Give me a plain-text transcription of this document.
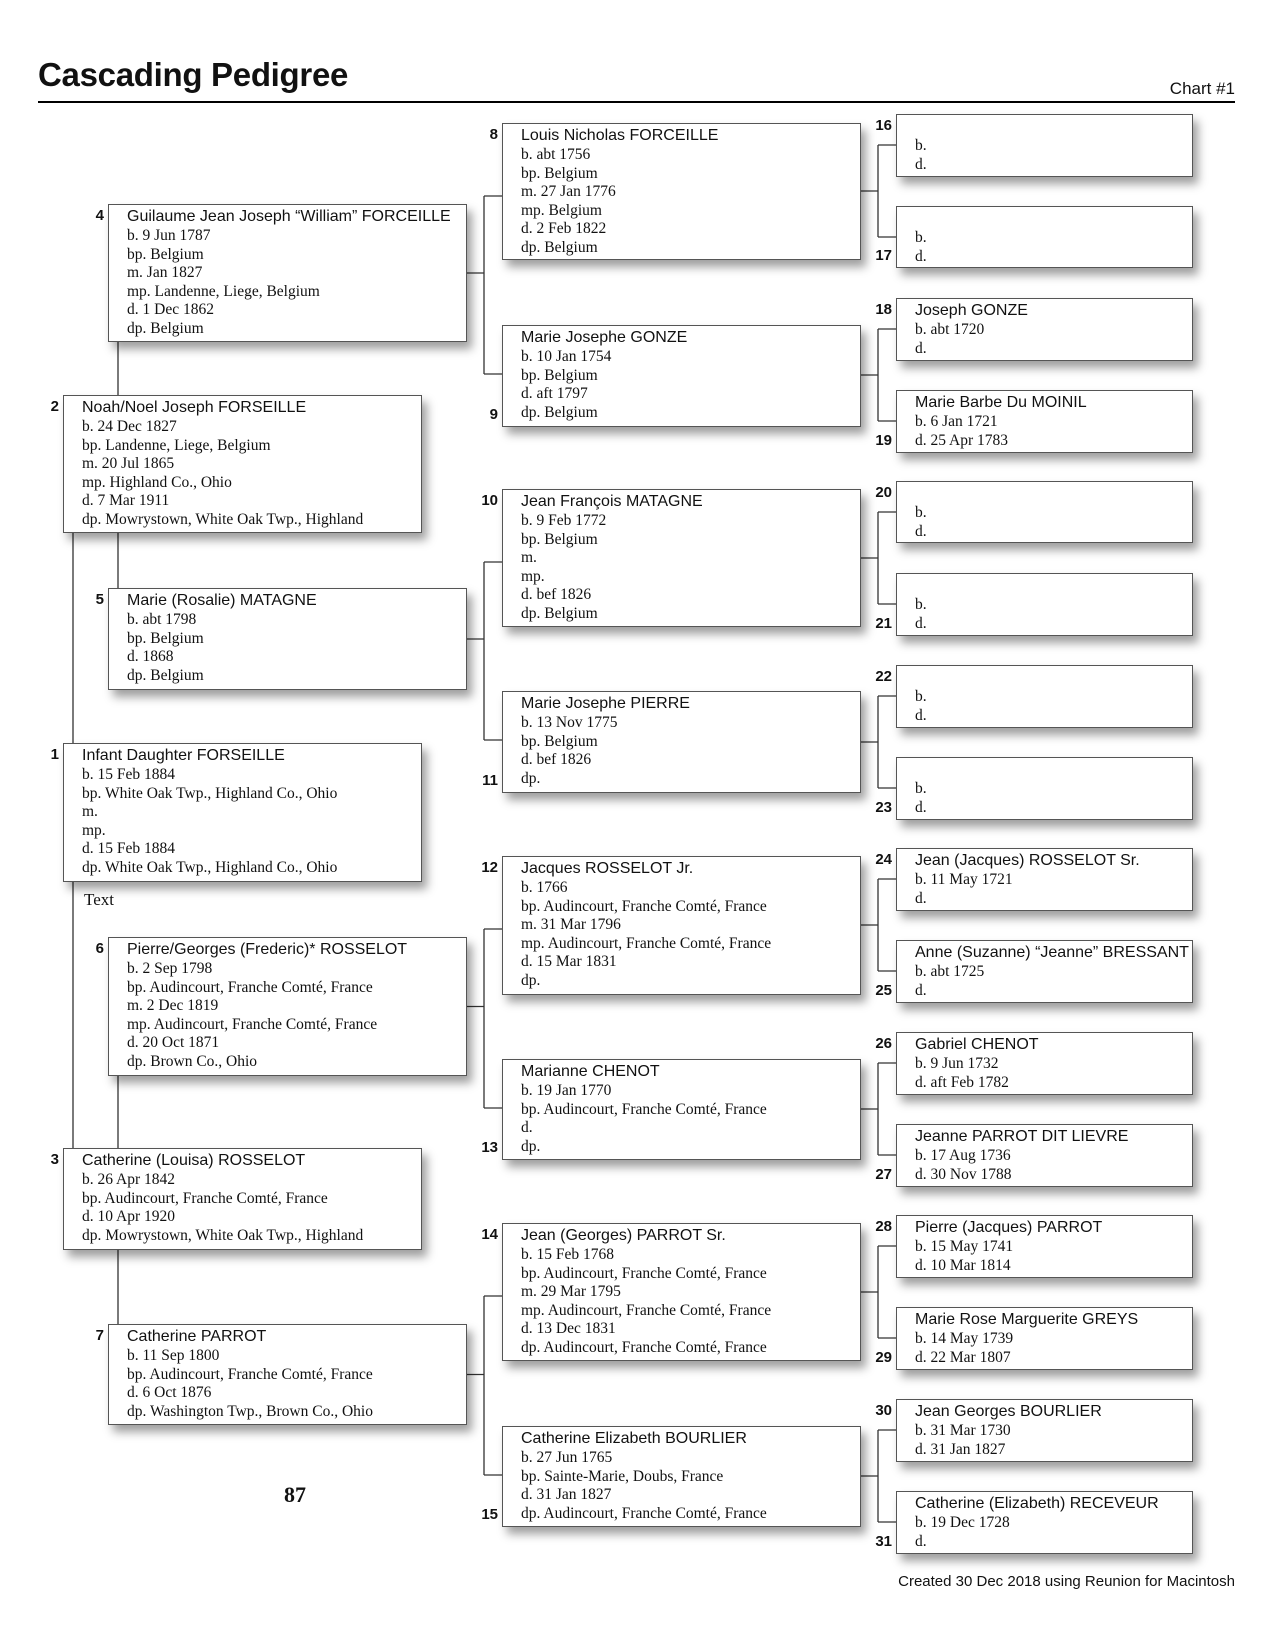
Cascading Pedigree	Chart #1
Infant Daughter FORSEILLE
b. 15 Feb 1884
bp. White Oak Twp., Highland Co., Ohio
m.
mp.
d. 15 Feb 1884
dp. White Oak Twp., Highland Co., Ohio
1
Noah/Noel Joseph FORSEILLE
b. 24 Dec 1827
bp. Landenne, Liege, Belgium
m. 20 Jul 1865
mp. Highland Co., Ohio
d. 7 Mar 1911
dp. Mowrystown, White Oak Twp., Highland
2
Catherine (Louisa) ROSSELOT
b. 26 Apr 1842
bp. Audincourt, Franche Comté, France
d. 10 Apr 1920
dp. Mowrystown, White Oak Twp., Highland
3
Guilaume Jean Joseph “William” FORCEILLE
b. 9 Jun 1787
bp. Belgium
m. Jan 1827
mp. Landenne, Liege, Belgium
d. 1 Dec 1862
dp. Belgium
4
Marie (Rosalie) MATAGNE
b. abt 1798
bp. Belgium
d. 1868
dp. Belgium
5
Pierre/Georges (Frederic)* ROSSELOT
b. 2 Sep 1798
bp. Audincourt, Franche Comté, France
m. 2 Dec 1819
mp. Audincourt, Franche Comté, France
d. 20 Oct 1871
dp. Brown Co., Ohio
6
Catherine PARROT
b. 11 Sep 1800
bp. Audincourt, Franche Comté, France
d. 6 Oct 1876
dp. Washington Twp., Brown Co., Ohio
7
Louis Nicholas FORCEILLE
b. abt 1756
bp. Belgium
m. 27 Jan 1776
mp. Belgium
d. 2 Feb 1822
dp. Belgium
8
Marie Josephe GONZE
b. 10 Jan 1754
bp. Belgium
d. aft 1797
dp. Belgium
9
Jean François MATAGNE
b. 9 Feb 1772
bp. Belgium
m.
mp.
d. bef 1826
dp. Belgium
10
Marie Josephe PIERRE
b. 13 Nov 1775
bp. Belgium
d. bef 1826
dp.
11
Jacques ROSSELOT Jr.
b. 1766
bp. Audincourt, Franche Comté, France
m. 31 Mar 1796
mp. Audincourt, Franche Comté, France
d. 15 Mar 1831
dp.
12
Marianne CHENOT
b. 19 Jan 1770
bp. Audincourt, Franche Comté, France
d.
dp.
13
Jean (Georges) PARROT Sr.
b. 15 Feb 1768
bp. Audincourt, Franche Comté, France
m. 29 Mar 1795
mp. Audincourt, Franche Comté, France
d. 13 Dec 1831
dp. Audincourt, Franche Comté, France
14
Catherine Elizabeth BOURLIER
b. 27 Jun 1765
bp. Sainte-Marie, Doubs, France
d. 31 Jan 1827
dp. Audincourt, Franche Comté, France
15

b.
d.
16

b.
d.
17
Joseph GONZE
b. abt 1720
d.
18
Marie Barbe Du MOINIL
b. 6 Jan 1721
d. 25 Apr 1783
19

b.
d.
20

b.
d.
21

b.
d.
22

b.
d.
23
Jean (Jacques) ROSSELOT Sr.
b. 11 May 1721
d.
24
Anne (Suzanne) “Jeanne” BRESSANT
b. abt 1725
d.
25
Gabriel CHENOT
b. 9 Jun 1732
d. aft Feb 1782
26
Jeanne PARROT DIT LIEVRE
b. 17 Aug 1736
d. 30 Nov 1788
27
Pierre (Jacques) PARROT
b. 15 May 1741
d. 10 Mar 1814
28
Marie Rose Marguerite GREYS
b. 14 May 1739
d. 22 Mar 1807
29
Jean Georges BOURLIER
b. 31 Mar 1730
d. 31 Jan 1827
30
Catherine (Elizabeth) RECEVEUR
b. 19 Dec 1728
d.
31
Text
87
Created 30 Dec 2018 using Reunion for Macintosh
